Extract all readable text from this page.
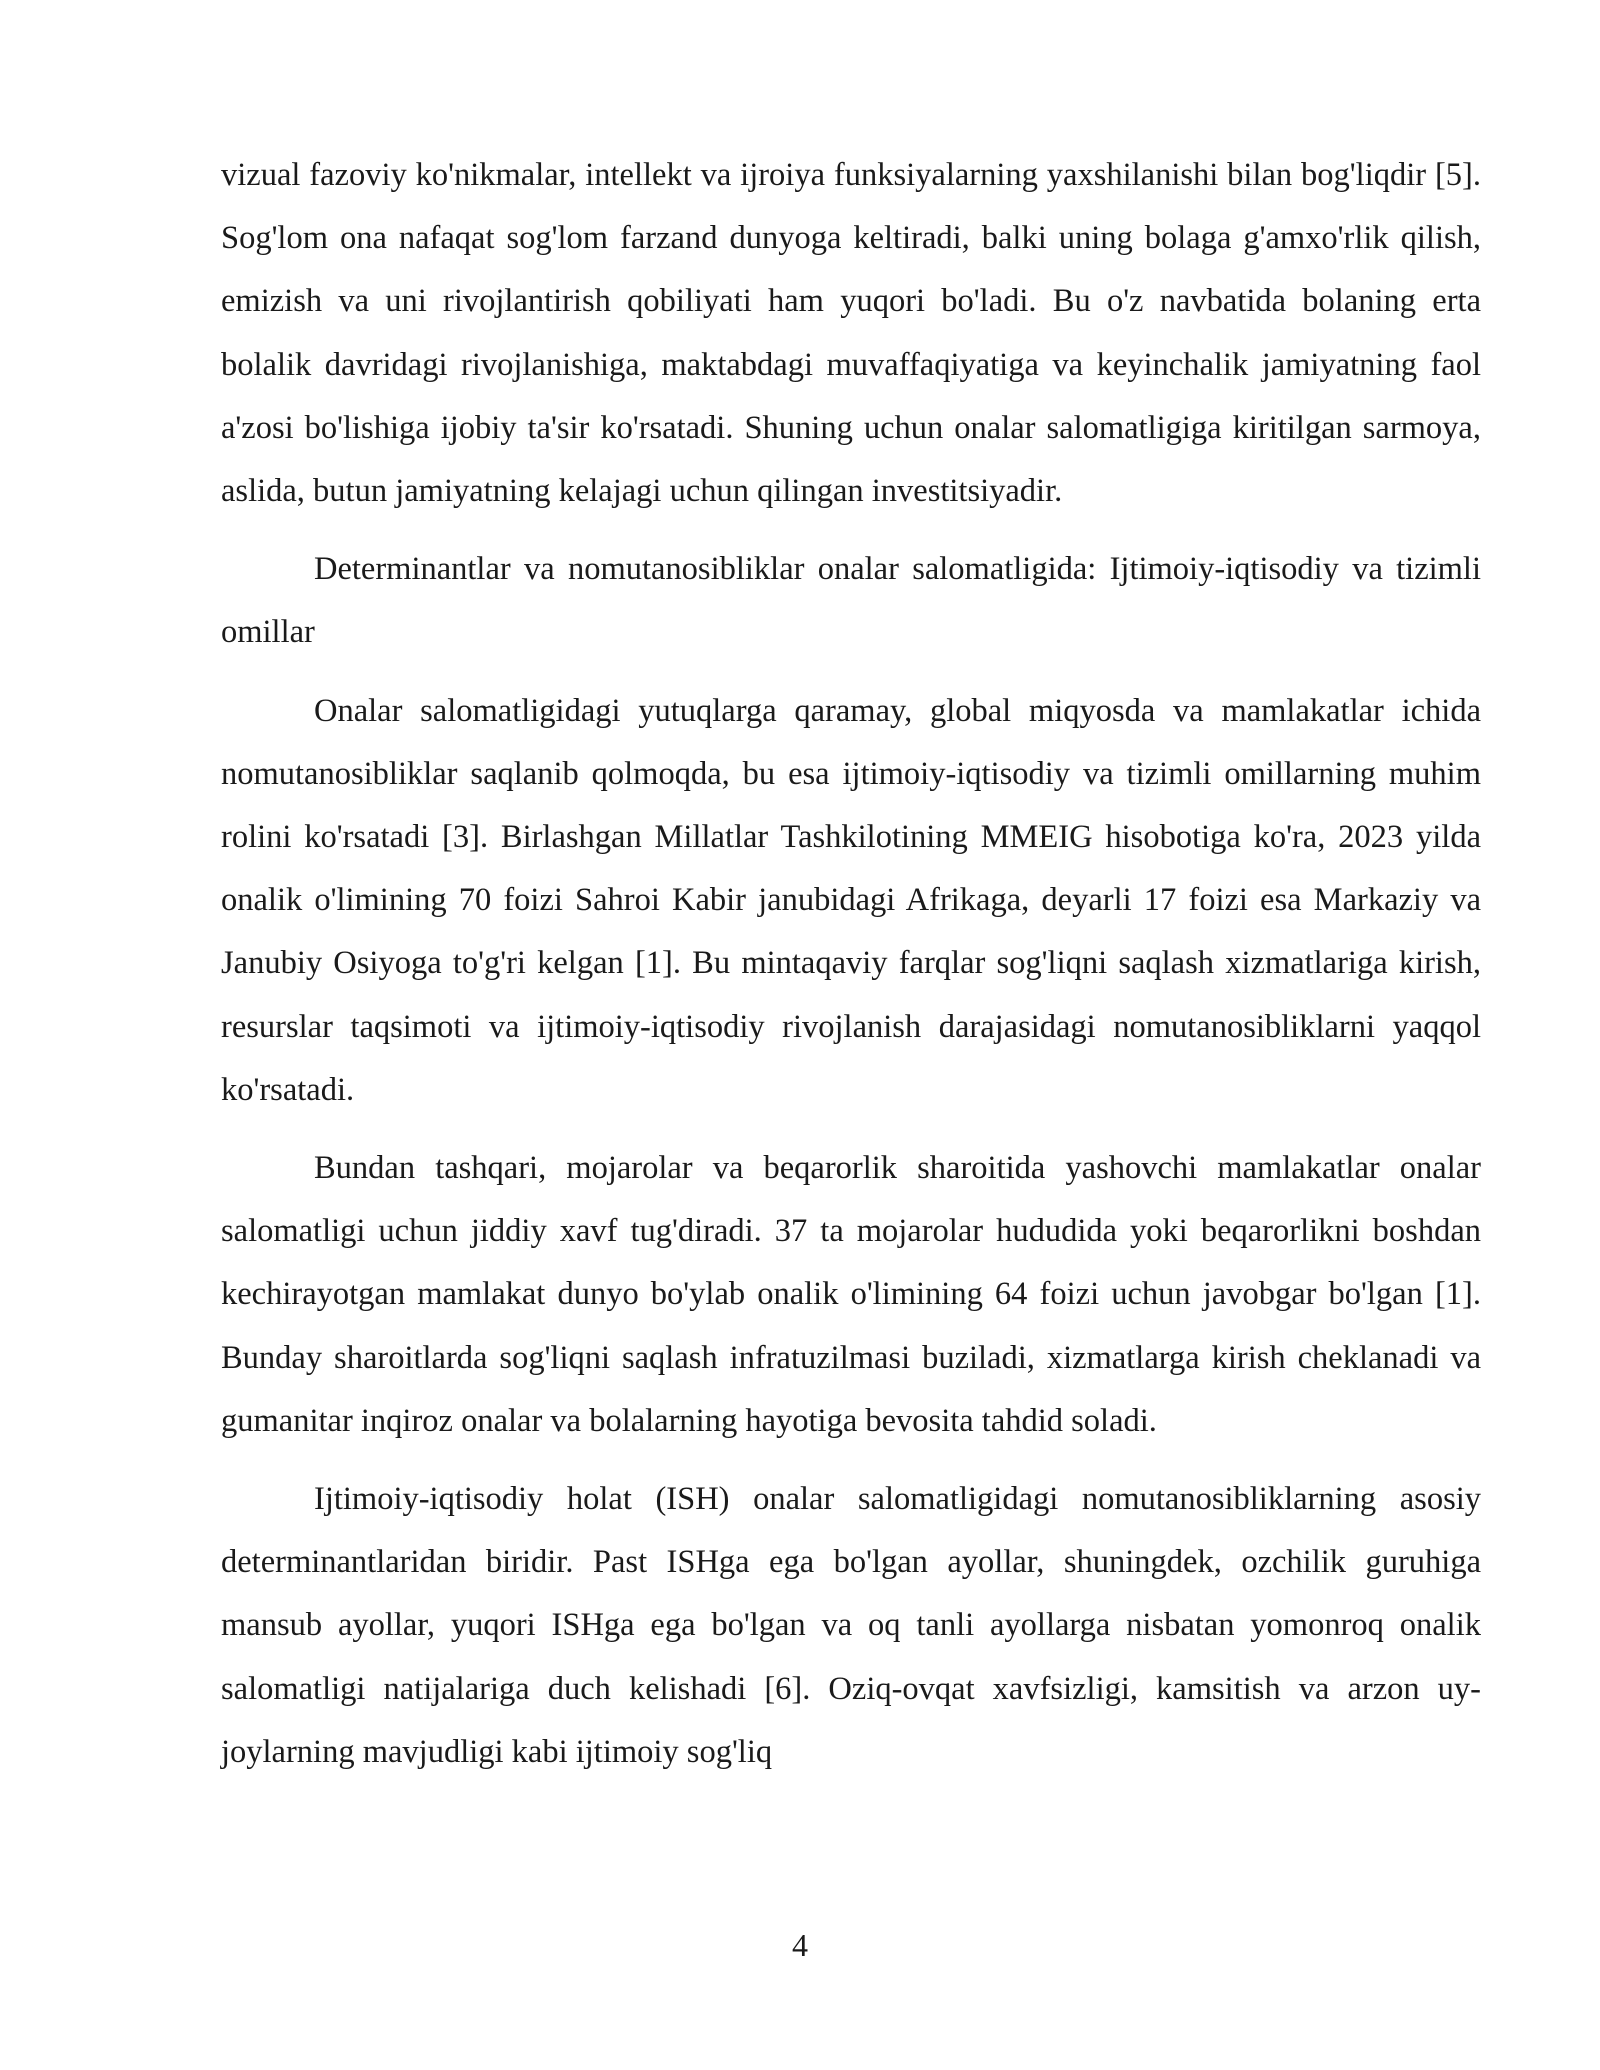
vizual fazoviy ko'nikmalar, intellekt va ijroiya funksiyalarning yaxshilanishi bilan bog'liqdir [5]. Sog'lom ona nafaqat sog'lom farzand dunyoga keltiradi, balki uning bolaga g'amxo'rlik qilish, emizish va uni rivojlantirish qobiliyati ham yuqori bo'ladi. Bu o'z navbatida bolaning erta bolalik davridagi rivojlanishiga, maktabdagi muvaffaqiyatiga va keyinchalik jamiyatning faol a'zosi bo'lishiga ijobiy ta'sir ko'rsatadi. Shuning uchun onalar salomatligiga kiritilgan sarmoya, aslida, butun jamiyatning kelajagi uchun qilingan investitsiyadir.

Determinantlar va nomutanosibliklar onalar salomatligida: Ijtimoiy-iqtisodiy va tizimli omillar

Onalar salomatligidagi yutuqlarga qaramay, global miqyosda va mamlakatlar ichida nomutanosibliklar saqlanib qolmoqda, bu esa ijtimoiy-iqtisodiy va tizimli omillarning muhim rolini ko'rsatadi [3]. Birlashgan Millatlar Tashkilotining MMEIG hisobotiga ko'ra, 2023 yilda onalik o'limining 70 foizi Sahroi Kabir janubidagi Afrikaga, deyarli 17 foizi esa Markaziy va Janubiy Osiyoga to'g'ri kelgan [1]. Bu mintaqaviy farqlar sog'liqni saqlash xizmatlariga kirish, resurslar taqsimoti va ijtimoiy-iqtisodiy rivojlanish darajasidagi nomutanosibliklarni yaqqol ko'rsatadi.

Bundan tashqari, mojarolar va beqarorlik sharoitida yashovchi mamlakatlar onalar salomatligi uchun jiddiy xavf tug'diradi. 37 ta mojarolar hududida yoki beqarorlikni boshdan kechirayotgan mamlakat dunyo bo'ylab onalik o'limining 64 foizi uchun javobgar bo'lgan [1]. Bunday sharoitlarda sog'liqni saqlash infratuzilmasi buziladi, xizmatlarga kirish cheklanadi va gumanitar inqiroz onalar va bolalarning hayotiga bevosita tahdid soladi.

Ijtimoiy-iqtisodiy holat (ISH) onalar salomatligidagi nomutanosibliklarning asosiy determinantlaridan biridir. Past ISHga ega bo'lgan ayollar, shuningdek, ozchilik guruhiga mansub ayollar, yuqori ISHga ega bo'lgan va oq tanli ayollarga nisbatan yomonroq onalik salomatligi natijalariga duch kelishadi [6]. Oziq-ovqat xavfsizligi, kamsitish va arzon uy-joylarning mavjudligi kabi ijtimoiy sog'liq

4
